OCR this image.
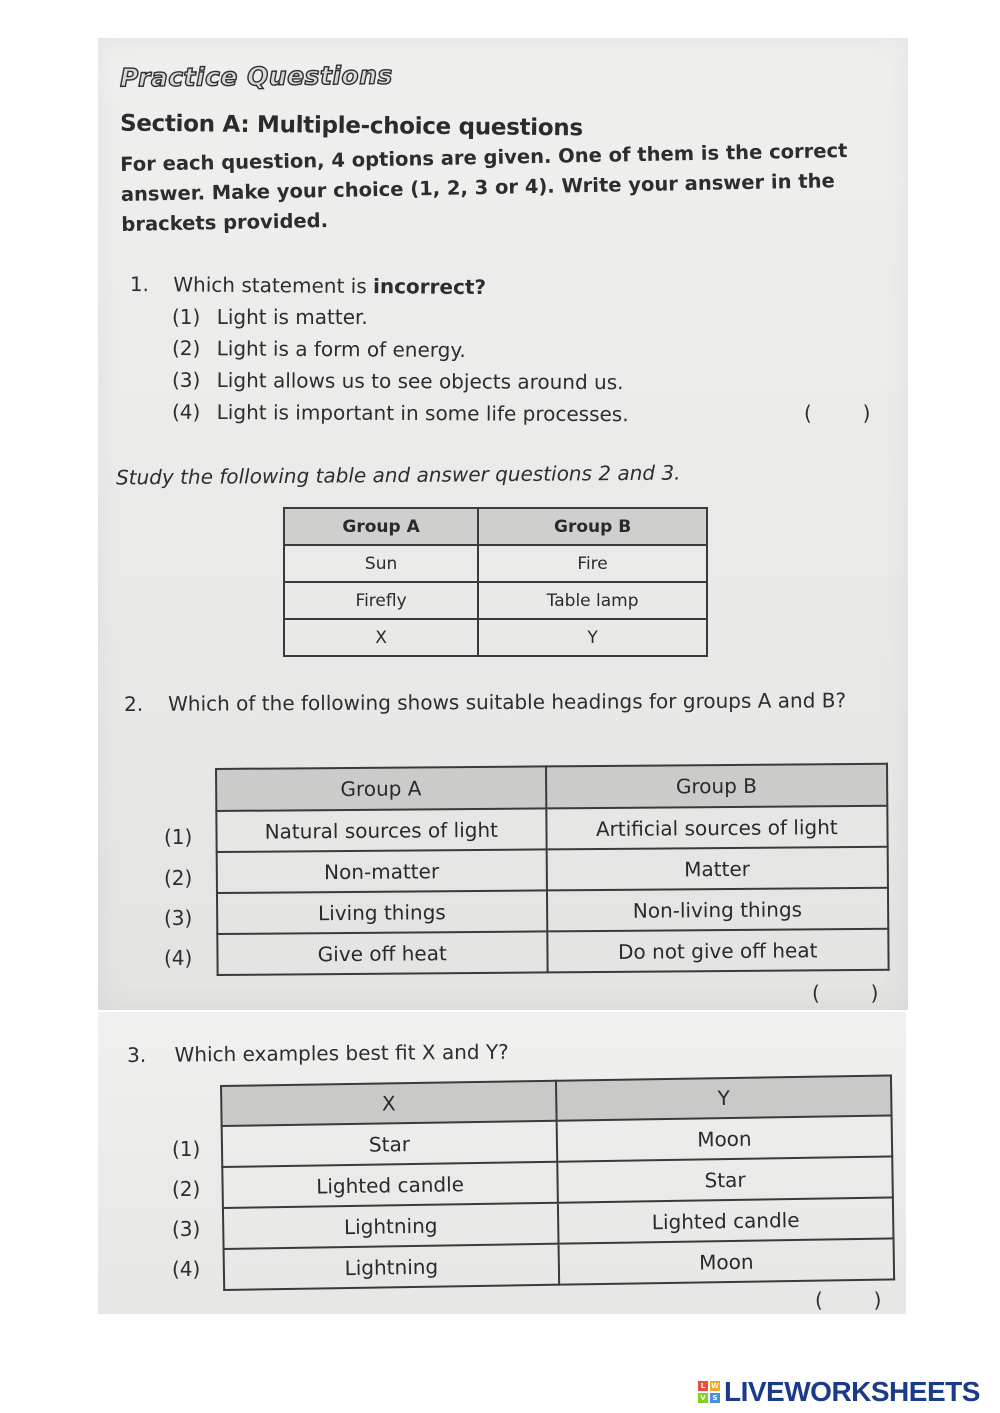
Practice Questions
Section A: Multiple-choice questions
For each question, 4 options are given. One of them is the correct answer. Make your choice (1, 2, 3 or 4). Write your answer in the brackets provided.
1. Which statement is incorrect?
(1) Light is matter.
(2) Light is a form of energy.
(3) Light allows us to see objects around us.
(4) Light is important in some life processes.	(        )
Study the following table and answer questions 2 and 3.
Group A	Group B
Sun	Fire
Firefly	Table lamp
X	Y
2. Which of the following shows suitable headings for groups A and B?
Group A	Group B
Natural sources of light	Artificial sources of light
Non-matter	Matter
Living things	Non-living things
Give off heat	Do not give off heat
(1)
(2)
(3)
(4)
(        )
3. Which examples best fit X and Y?
X	Y
Star	Moon
Lighted candle	Star
Lightning	Lighted candle
Lightning	Moon
(1)
(2)
(3)
(4)
(        )
L W
V S LIVEWORKSHEETS
